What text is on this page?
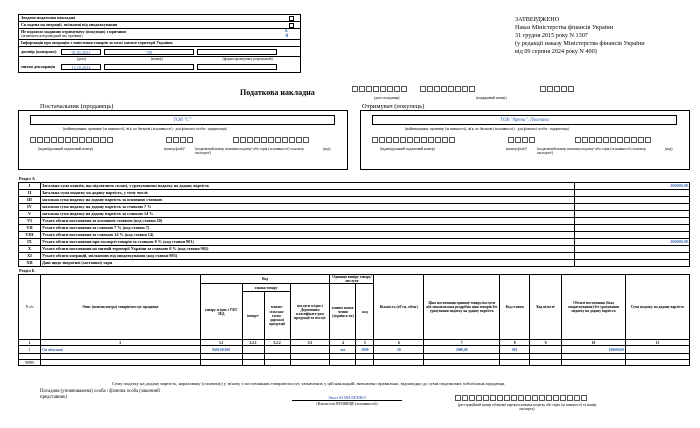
Зведена податкова накладна
Складена на операції, звільнені від оподаткування
Не підлягає наданню отримувачу (покупцю) з причини
(зазначається відповідний тип причини)
X
0
Інформація про операцію з вивезення товарів за межі митної території України:
договір (контракт)	01.05.2022	749
(дата)	(номер)	(форма проведених розрахунків)
митна декларація	12.10.2024
ЗАТВЕРДЖЕНО
Наказ Міністерства фінансів України
31 грудня 2015 року N 1307
(у редакції наказу Міністерства фінансів України
від 09 серпня 2024 року N 400)
Податкова накладна
(дата складання)	(порядковий номер)
Постачальник (продавець)
ТОВ "С"
(найменування; прізвище (за наявності), ім'я, по батькові (за наявності) - для фізичної особи - підприємця)
(індивідуальний податковий номер)	(номер філії)¹	(податковий номер платника податку¹ або серія (за наявності) та номер паспорта²)
(код)
Отримувач (покупець)
ТОВ "Арена", Полтава
(найменування; прізвище (за наявності), ім'я, по батькові (за наявності) - для фізичної особи - підприємця)
(індивідуальний податковий номер)	(номер філії)¹	(податковий номер платника податку¹ або серія (за наявності) та номер паспорта²)
(код)
Розділ А
I	Загальна сума коштів, що підлягають сплаті, з урахуванням податку на додану вартість	100000,00
II	Загальна сума податку на додану вартість, у тому числі:	
III	загальна сума податку на додану вартість за основною ставкою	
IV	загальна сума податку на додану вартість за ставкою 7 %	
V	загальна сума податку на додану вартість за ставкою 14 %	
VI	Усього обсяги постачання за основною ставкою (код ставки 20)	
VII	Усього обсяги постачання за ставкою 7 % (код ставки 7)	
VIII	Усього обсяги постачання за ставкою 14 % (код ставки 14)	
IX	Усього обсяги постачання при експорті товарів за ставкою 0 % (код ставки 901)	100000,00
X	Усього обсяги постачання на митній території України за ставкою 0 % (код ставки 902)	
XI	Усього обсяги операцій, звільнених від оподаткування (код ставки 903)	
XII	Дані щодо зворотної (заставної) тари	
Розділ Б
N з/п	Опис (номенклатура) товарів/послуг продавця	Код				Одиниця виміру товару/послуги		Кількість (об'єм, обсяг)	Ціна постачання одиниці товару/послуги або максимальна роздрібна ціна товарів без урахування податку на додану вартість	Код ставки	Код пільги²	Обсяги постачання (база оподаткування) без урахування податку на додану вартість	Сума податку на додану вартість
		товару згідно з УКТ ЗЕД	ознака товару		послуги згідно з Державним класифікато-ром продукції та послуг	умовне позна-чення (українсь-ке)	код						
			імпорт¹	власно-сільсько-госпо-дарської продукції									
1	2	3.1	3.2.1	3.2.2	3.3	4	5	6	7	8	9	10	11
1	Сік яблучний	9401103100				шт	2009	50	2000,00	901		100000,00	

99999													
Суму податку на додану вартість, нараховану (сплачену) у зв'язку з постачанням товарів/послуг, зазначених у цій накладній, визначено правильно, відповідно до суми податкових зобов'язань продавця.
Посадова (уповноважена) особа / фізична особа (законний представник)	Анна КОВАЛЕНКО
(Власне ім'я ПРІЗВИЩЕ (за наявності))	(реєстраційний номер облікової картки платника податку або серія (за наявності) та номер паспорта)
